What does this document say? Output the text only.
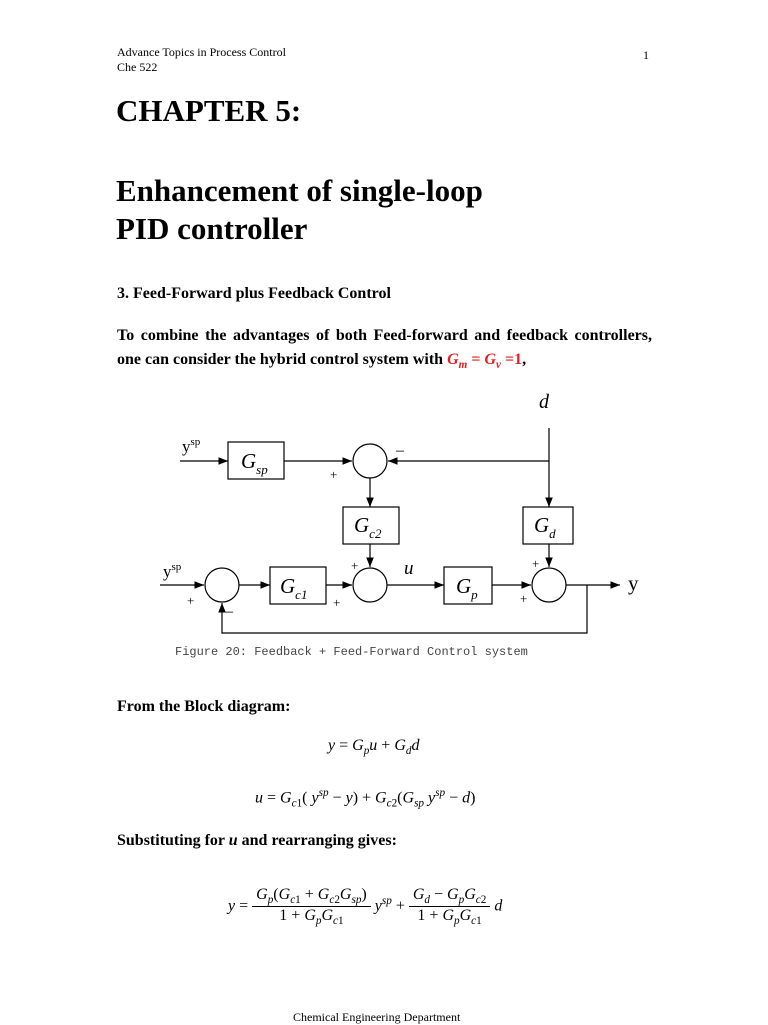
Advance Topics in Process Control
Che 522
1
CHAPTER 5:
Enhancement of single-loop
PID controller
3. Feed-Forward plus Feedback Control
To combine the advantages of both Feed-forward and feedback controllers, one can consider the hybrid control system with $G_m = G_v =1$,
d
$y^{sp}$
$G_{sp}$	+
–
$G_{c2}$	$G_d$
$y^{sp}$
+
–
$G_{c1}$
+
+
u
$G_p$
+
+
y
Figure 20: Feedback + Feed-Forward Control system
From the Block diagram:
$y = G_pu + G_dd$
$u = G_{c1}$( $y^{sp} - y) + G_{c2}(G_{sp}$ $y^{sp} - d$)
Substituting for u and rearranging gives:
$y = \frac{G_p(G_{c1} + G_{c2}G_{sp})}{1 + G_pG_{c1}} y^{sp} + \frac{G_d - G_pG_{c2}}{1 + G_pG_{c1}}$ d
Chemical Engineering Department
